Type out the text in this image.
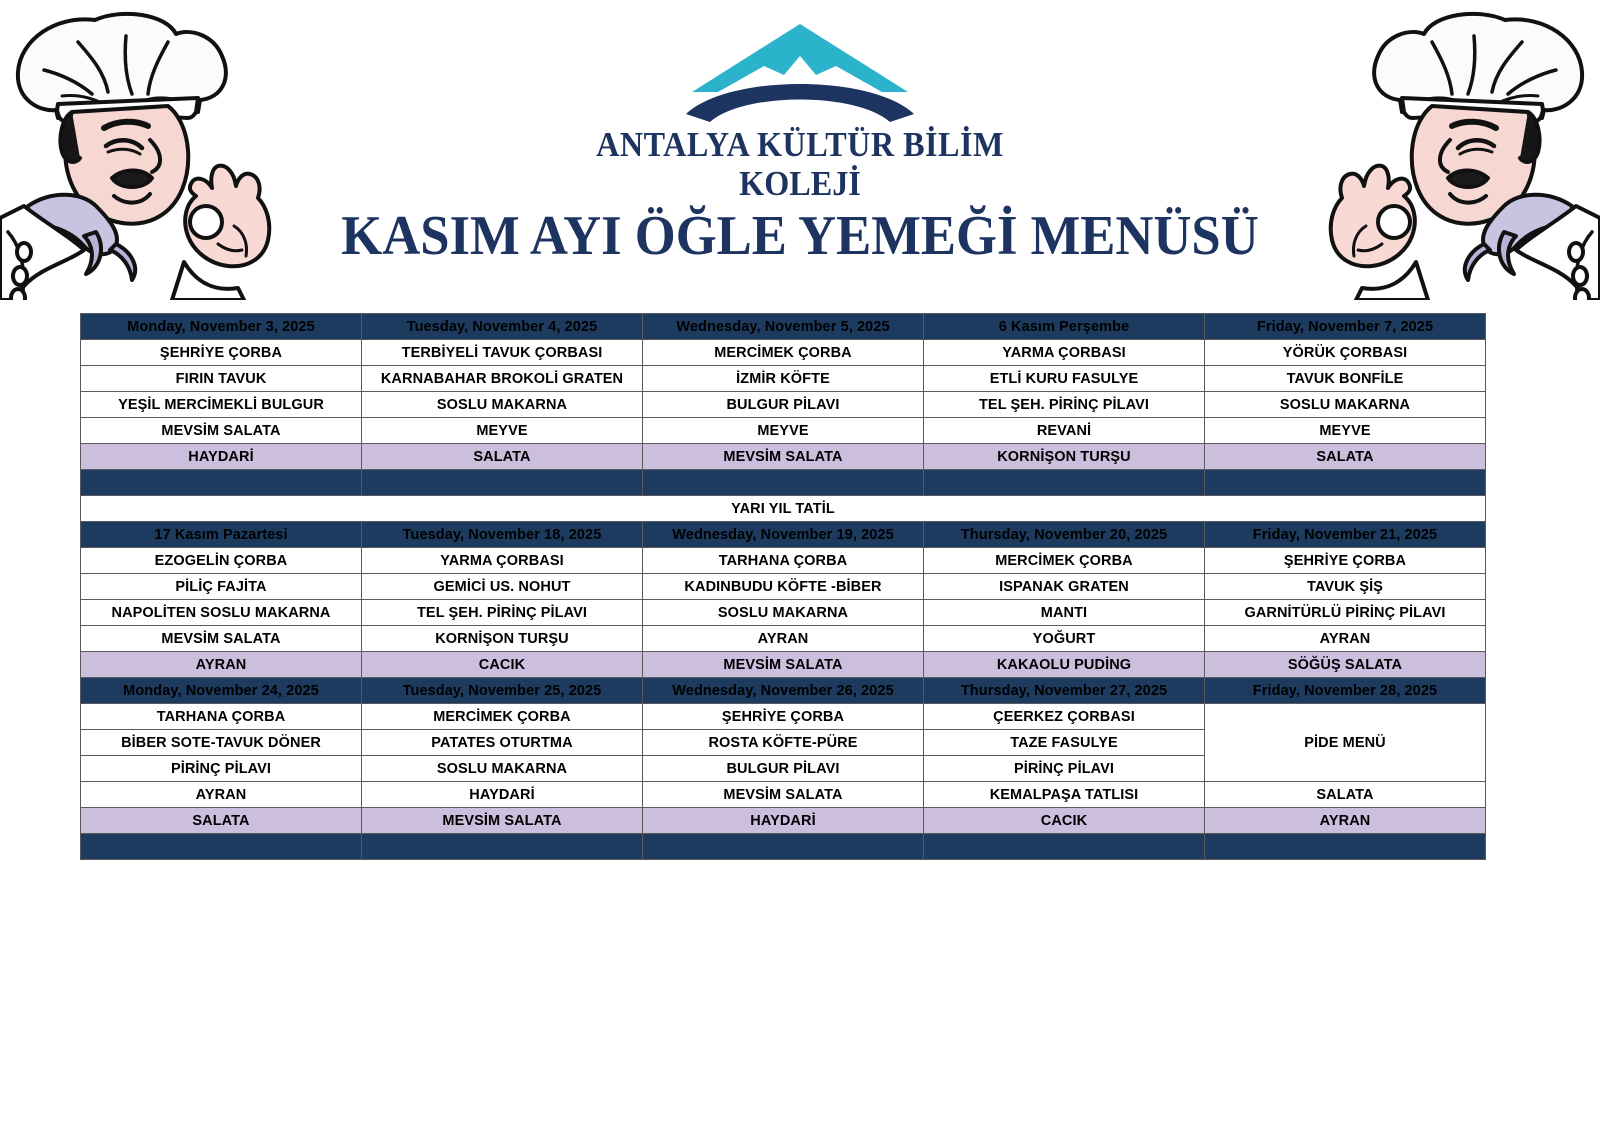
ANTALYA KÜLTÜR BİLİM
KOLEJİ
KASIM AYI ÖĞLE YEMEĞİ MENÜSÜ
Monday, November 3, 2025	Tuesday, November 4, 2025	Wednesday, November 5, 2025	6 Kasım Perşembe	Friday, November 7, 2025
ŞEHRİYE ÇORBA	TERBİYELİ TAVUK ÇORBASI	MERCİMEK ÇORBA	YARMA ÇORBASI	YÖRÜK ÇORBASI
FIRIN TAVUK	KARNABAHAR BROKOLİ GRATEN	İZMİR KÖFTE	ETLİ KURU FASULYE	TAVUK BONFİLE
YEŞİL MERCİMEKLİ BULGUR	SOSLU MAKARNA	BULGUR PİLAVI	TEL ŞEH. PİRİNÇ PİLAVI	SOSLU MAKARNA
MEVSİM SALATA	MEYVE	MEYVE	REVANİ	MEYVE
HAYDARİ	SALATA	MEVSİM SALATA	KORNİŞON TURŞU	SALATA

YARI YIL TATİL				
17 Kasım Pazartesi	Tuesday, November 18, 2025	Wednesday, November 19, 2025	Thursday, November 20, 2025	Friday, November 21, 2025
EZOGELİN ÇORBA	YARMA ÇORBASI	TARHANA ÇORBA	MERCİMEK ÇORBA	ŞEHRİYE ÇORBA
PİLİÇ FAJİTA	GEMİCİ US. NOHUT	KADINBUDU KÖFTE -BİBER	ISPANAK GRATEN	TAVUK ŞİŞ
NAPOLİTEN SOSLU MAKARNA	TEL ŞEH. PİRİNÇ PİLAVI	SOSLU MAKARNA	MANTI	GARNİTÜRLÜ PİRİNÇ PİLAVI
MEVSİM SALATA	KORNİŞON TURŞU	AYRAN	YOĞURT	AYRAN
AYRAN	CACIK	MEVSİM SALATA	KAKAOLU PUDİNG	SÖĞÜŞ SALATA
Monday, November 24, 2025	Tuesday, November 25, 2025	Wednesday, November 26, 2025	Thursday, November 27, 2025	Friday, November 28, 2025
TARHANA ÇORBA	MERCİMEK ÇORBA	ŞEHRİYE ÇORBA	ÇEERKEZ ÇORBASI	PİDE MENÜ
BİBER SOTE-TAVUK DÖNER	PATATES OTURTMA	ROSTA KÖFTE-PÜRE	TAZE FASULYE	
PİRİNÇ PİLAVI	SOSLU MAKARNA	BULGUR PİLAVI	PİRİNÇ PİLAVI	
AYRAN	HAYDARİ	MEVSİM SALATA	KEMALPAŞA TATLISI	SALATA
SALATA	MEVSİM SALATA	HAYDARİ	CACIK	AYRAN
